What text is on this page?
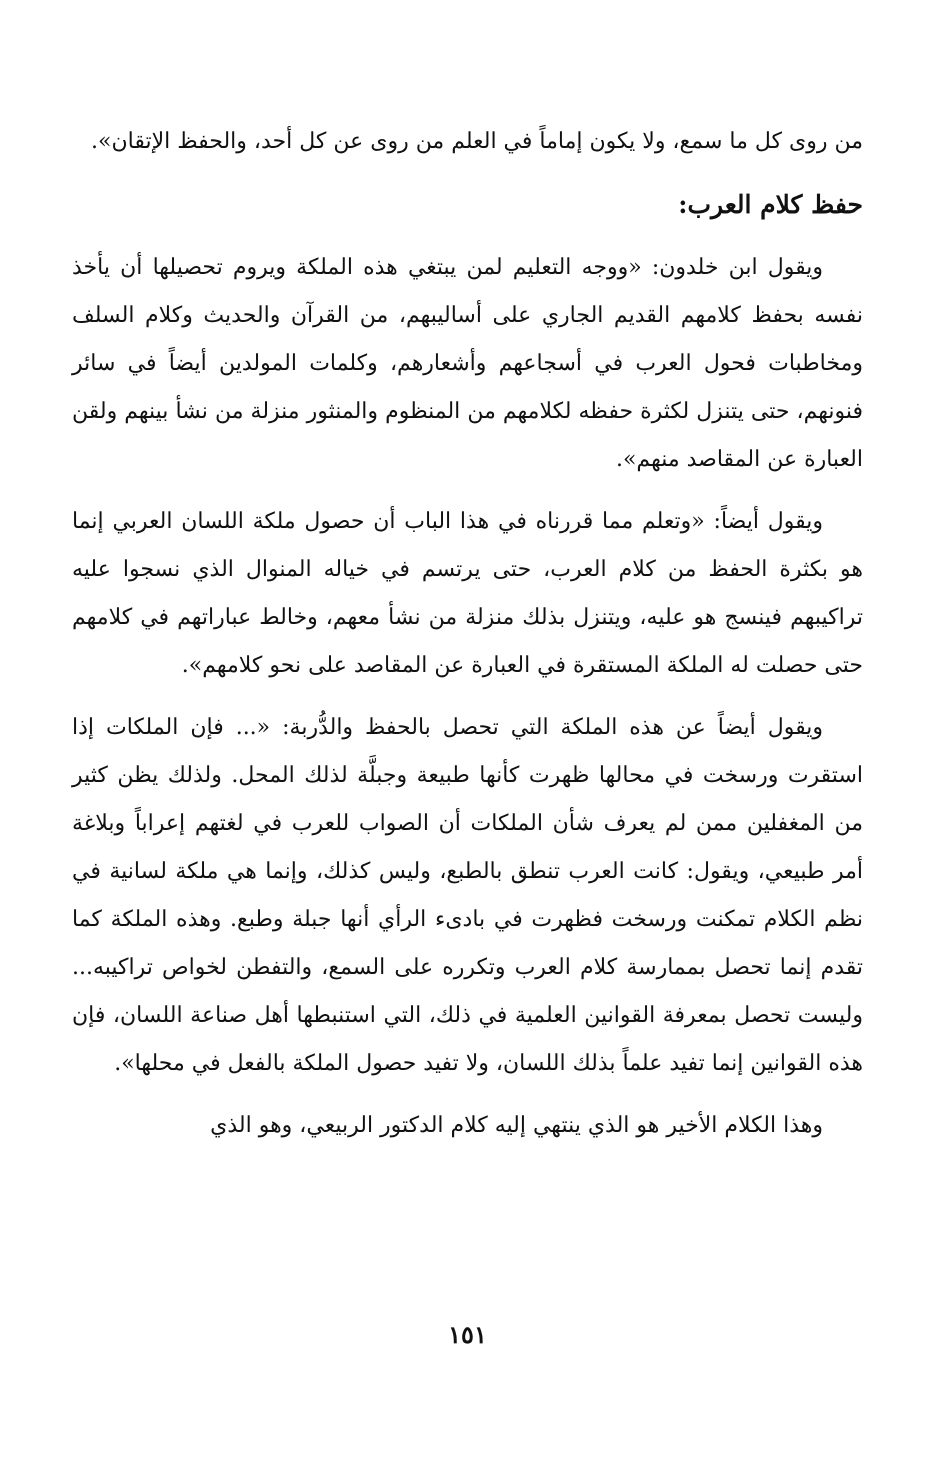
من روى كل ما سمع، ولا يكون إماماً في العلم من روى عن كل أحد، والحفظ الإتقان».

حفظ كلام العرب:

ويقول ابن خلدون: «ووجه التعليم لمن يبتغي هذه الملكة ويروم تحصيلها أن يأخذ نفسه بحفظ كلامهم القديم الجاري على أساليبهم، من القرآن والحديث وكلام السلف ومخاطبات فحول العرب في أسجاعهم وأشعارهم، وكلمات المولدين أيضاً في سائر فنونهم، حتى يتنزل لكثرة حفظه لكلامهم من المنظوم والمنثور منزلة من نشأ بينهم ولقن العبارة عن المقاصد منهم».

ويقول أيضاً: «وتعلم مما قررناه في هذا الباب أن حصول ملكة اللسان العربي إنما هو بكثرة الحفظ من كلام العرب، حتى يرتسم في خياله المنوال الذي نسجوا عليه تراكيبهم فينسج هو عليه، ويتنزل بذلك منزلة من نشأ معهم، وخالط عباراتهم في كلامهم حتى حصلت له الملكة المستقرة في العبارة عن المقاصد على نحو كلامهم».

ويقول أيضاً عن هذه الملكة التي تحصل بالحفظ والدُّربة: «... فإن الملكات إذا استقرت ورسخت في محالها ظهرت كأنها طبيعة وجبلَّة لذلك المحل. ولذلك يظن كثير من المغفلين ممن لم يعرف شأن الملكات أن الصواب للعرب في لغتهم إعراباً وبلاغة أمر طبيعي، ويقول: كانت العرب تنطق بالطبع، وليس كذلك، وإنما هي ملكة لسانية في نظم الكلام تمكنت ورسخت فظهرت في بادىء الرأي أنها جبلة وطبع. وهذه الملكة كما تقدم إنما تحصل بممارسة كلام العرب وتكرره على السمع، والتفطن لخواص تراكيبه... وليست تحصل بمعرفة القوانين العلمية في ذلك، التي استنبطها أهل صناعة اللسان، فإن هذه القوانين إنما تفيد علماً بذلك اللسان، ولا تفيد حصول الملكة بالفعل في محلها».

وهذا الكلام الأخير هو الذي ينتهي إليه كلام الدكتور الربيعي، وهو الذي

١٥١
